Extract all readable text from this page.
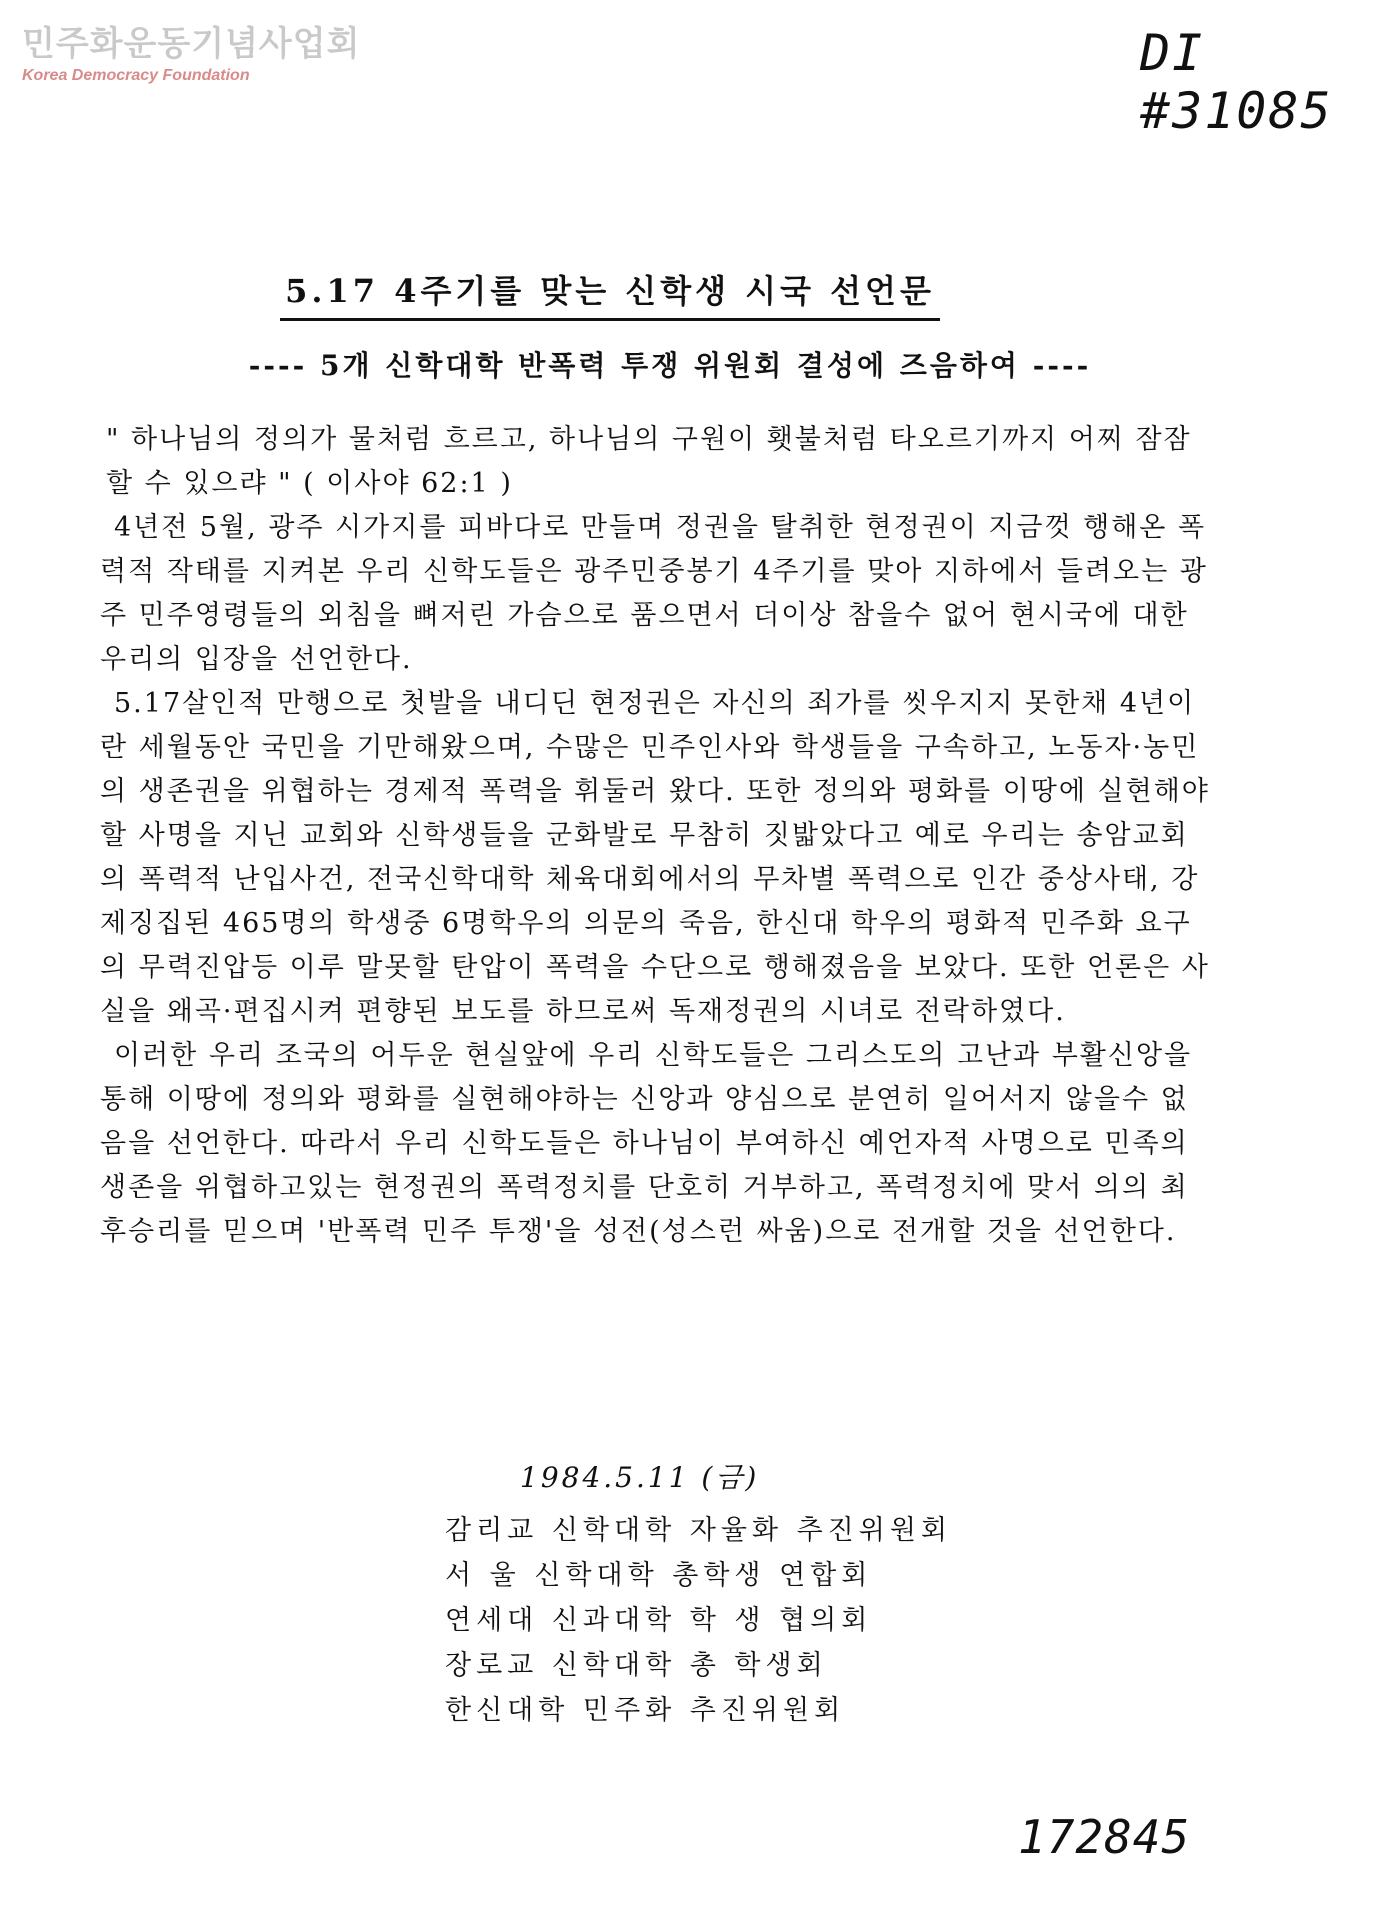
민주화운동기념사업회
Korea Democracy Foundation	DI #31085
5.17 4주기를 맞는 신학생 시국 선언문
---- 5개 신학대학 반폭력 투쟁 위원회 결성에 즈음하여 ----

" 하나님의 정의가 물처럼 흐르고, 하나님의 구원이 횃불처럼 타오르기까지 어찌 잠잠할 수 있으랴 " ( 이사야 62:1 )

4년전 5월, 광주 시가지를 피바다로 만들며 정권을 탈취한 현정권이 지금껏 행해온 폭력적 작태를 지켜본 우리 신학도들은 광주민중봉기 4주기를 맞아 지하에서 들려오는 광주 민주영령들의 외침을 뼈저린 가슴으로 품으면서 더이상 참을수 없어 현시국에 대한 우리의 입장을 선언한다.

5.17살인적 만행으로 첫발을 내디딘 현정권은 자신의 죄가를 씻우지지 못한채 4년이란 세월동안 국민을 기만해왔으며, 수많은 민주인사와 학생들을 구속하고, 노동자·농민의 생존권을 위협하는 경제적 폭력을 휘둘러 왔다. 또한 정의와 평화를 이땅에 실현해야할 사명을 지닌 교회와 신학생들을 군화발로 무참히 짓밟았다고 예로 우리는 송암교회의 폭력적 난입사건, 전국신학대학 체육대회에서의 무차별 폭력으로 인간 중상사태, 강제징집된 465명의 학생중 6명학우의 의문의 죽음, 한신대 학우의 평화적 민주화 요구의 무력진압등 이루 말못할 탄압이 폭력을 수단으로 행해졌음을 보았다. 또한 언론은 사실을 왜곡·편집시켜 편향된 보도를 하므로써 독재정권의 시녀로 전락하였다.

이러한 우리 조국의 어두운 현실앞에 우리 신학도들은 그리스도의 고난과 부활신앙을 통해 이땅에 정의와 평화를 실현해야하는 신앙과 양심으로 분연히 일어서지 않을수 없음을 선언한다. 따라서 우리 신학도들은 하나님이 부여하신 예언자적 사명으로 민족의 생존을 위협하고있는 현정권의 폭력정치를 단호히 거부하고, 폭력정치에 맞서 의의 최후승리를 믿으며 '반폭력 민주 투쟁'을 성전(성스런 싸움)으로 전개할 것을 선언한다.

1984.5.11 (금)
감리교 신학대학 자율화 추진위원회
서 울 신학대학 총학생 연합회
연세대 신과대학 학 생 협의회
장로교 신학대학 총 학생회
한신대학 민주화 추진위원회
172845
